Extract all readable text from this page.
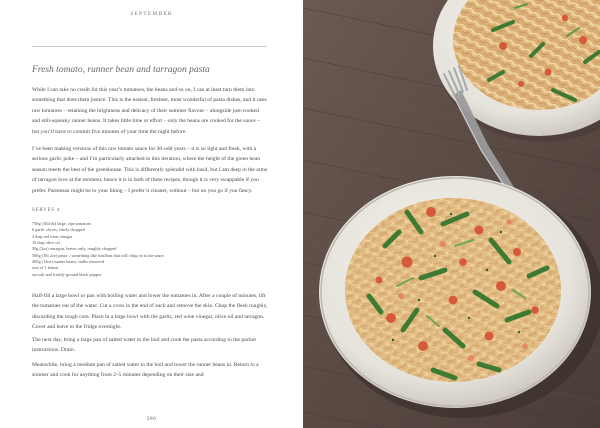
SEPTEMBER
Fresh tomato, runner bean and tarragon pasta

While I can take no credit for this year’s tomatoes, the beans and so on, I can at least turn them into something that does them justice. This is the easiest, freshest, most wonderful of pasta dishes, and it uses raw tomatoes – retaining the brightness and delicacy of their summer flavour – alongside just-cooked and still-squeaky runner beans. It takes little time or effort – only the beans are cooked for the sauce – but you’ll have to commit five minutes of your time the night before.

I’ve been making versions of this raw tomato sauce for 30-odd years – it is so light and fresh, with a serious garlic poke – and I’m particularly attached to this iteration, where the height of the green bean season meets the best of the greenhouse. This is differently splendid with basil, but I am deep in the arms of tarragon love at the moment, hence it is in both of these recipes, though it is very swappable if you prefer. Parmesan might be to your liking – I prefer it cleaner, without – but on you go if you fancy.

SERVES 4
750g (1lb10z) large, ripe tomatoes
6 garlic cloves, finely chopped
2 tbsp red wine vinegar
10 tbsp olive oil
50g (2oz) tarragon, leaves only, roughly chopped
500g (1lb 2oz) pasta – something like fusilloni that will cling on to the sauce
400g (14oz) runner beans, stalks removed
zest of 1 lemon
sea salt and freshly ground black pepper

Half-fill a large bowl or pan with boiling water and lower the tomatoes in. After a couple of minutes, lift the tomatoes out of the water. Cut a cross in the end of each and remove the skin. Chop the flesh roughly, discarding the tough core. Place in a large bowl with the garlic, red wine vinegar, olive oil and tarragon. Cover and leave in the fridge overnight.

The next day, bring a large pan of salted water to the boil and cook the pasta according to the packet instructions. Drain.

Meanwhile, bring a medium pan of salted water to the boil and lower the runner beans in. Return to a simmer and cook for anything from 2–5 minutes depending on their size and

286
